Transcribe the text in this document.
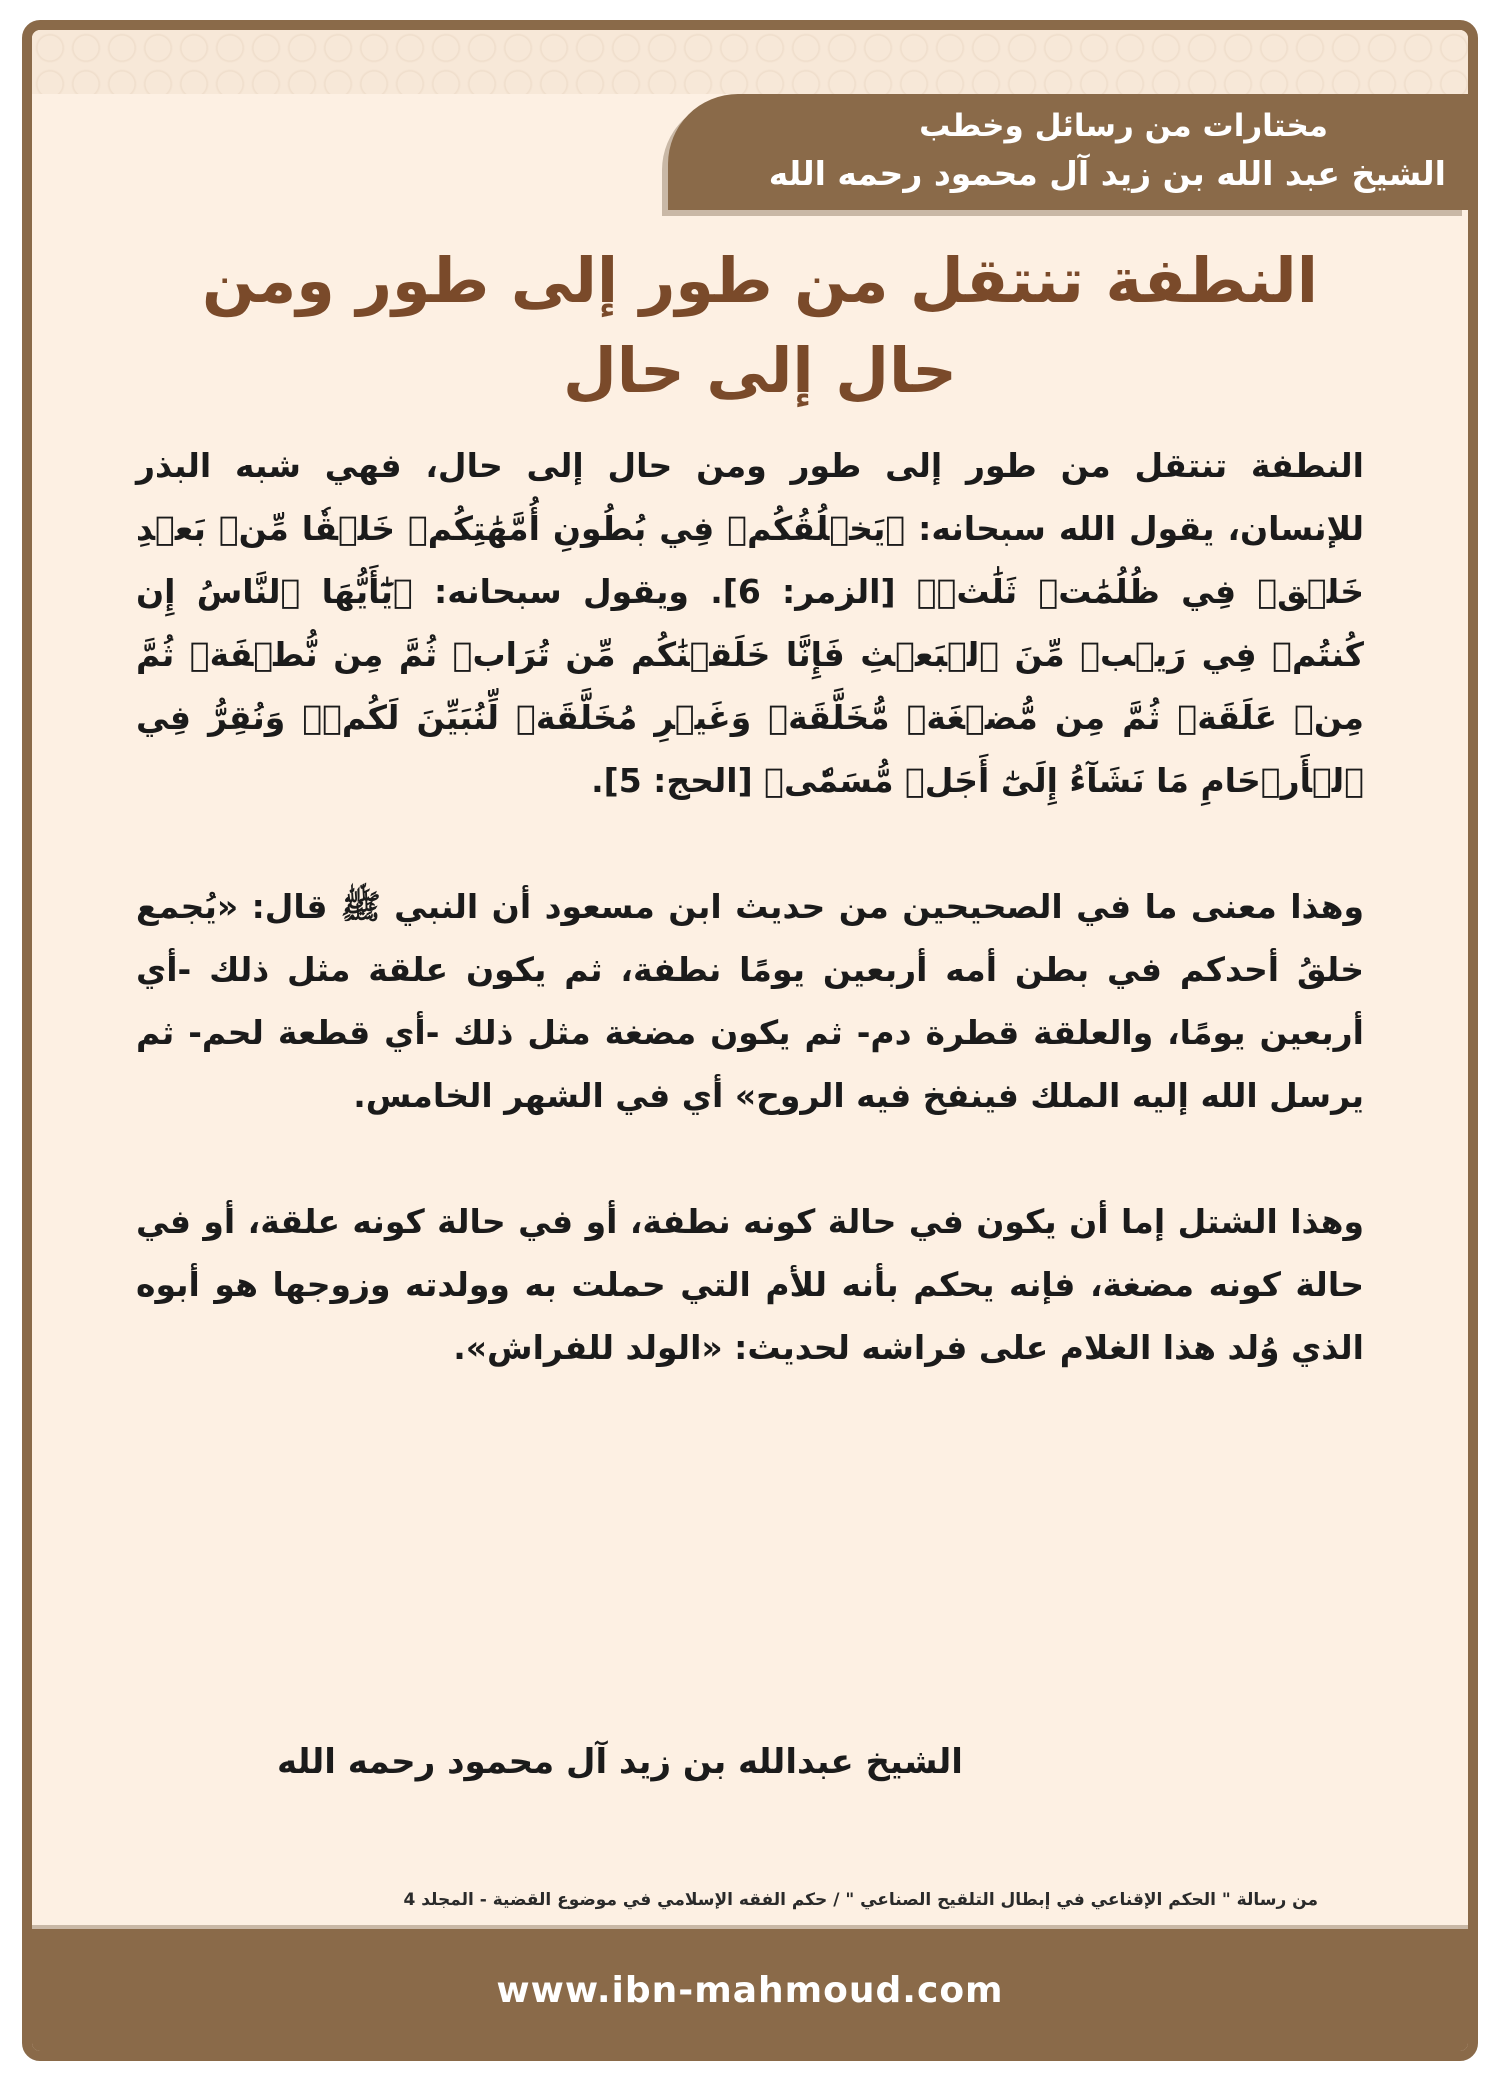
مختارات من رسائل وخطب
الشيخ عبد الله بن زيد آل محمود رحمه الله
النطفة تنتقل من طور إلى طور ومن حال إلى حال

النطفة تنتقل من طور إلى طور ومن حال إلى حال، فهي شبه البذر للإنسان، يقول الله سبحانه: ﴿يَخۡلُقُكُمۡ فِي بُطُونِ أُمَّهَٰتِكُمۡ خَلۡقٗا مِّنۢ بَعۡدِ خَلۡقٖ فِي ظُلُمَٰتٖ ثَلَٰثٖ﴾ [الزمر: 6]. ويقول سبحانه: ﴿يَٰٓأَيُّهَا ٱلنَّاسُ إِن كُنتُمۡ فِي رَيۡبٖ مِّنَ ٱلۡبَعۡثِ فَإِنَّا خَلَقۡنَٰكُم مِّن تُرَابٖ ثُمَّ مِن نُّطۡفَةٖ ثُمَّ مِنۡ عَلَقَةٖ ثُمَّ مِن مُّضۡغَةٖ مُّخَلَّقَةٖ وَغَيۡرِ مُخَلَّقَةٖ لِّنُبَيِّنَ لَكُمۡۚ وَنُقِرُّ فِي ٱلۡأَرۡحَامِ مَا نَشَآءُ إِلَىٰٓ أَجَلٖ مُّسَمّٗى﴾ [الحج: 5].

وهذا معنى ما في الصحيحين من حديث ابن مسعود أن النبي ﷺ قال: «يُجمع خلقُ أحدكم في بطن أمه أربعين يومًا نطفة، ثم يكون علقة مثل ذلك -أي أربعين يومًا، والعلقة قطرة دم- ثم يكون مضغة مثل ذلك -أي قطعة لحم- ثم يرسل الله إليه الملك فينفخ فيه الروح» أي في الشهر الخامس.

وهذا الشتل إما أن يكون في حالة كونه نطفة، أو في حالة كونه علقة، أو في حالة كونه مضغة، فإنه يحكم بأنه للأم التي حملت به وولدته وزوجها هو أبوه الذي وُلد هذا الغلام على فراشه لحديث: «الولد للفراش».

الشيخ عبدالله بن زيد آل محمود رحمه الله
من رسالة " الحكم الإقناعي في إبطال التلقيح الصناعي " / حكم الفقه الإسلامي في موضوع القضية - المجلد 4
www.ibn-mahmoud.com
